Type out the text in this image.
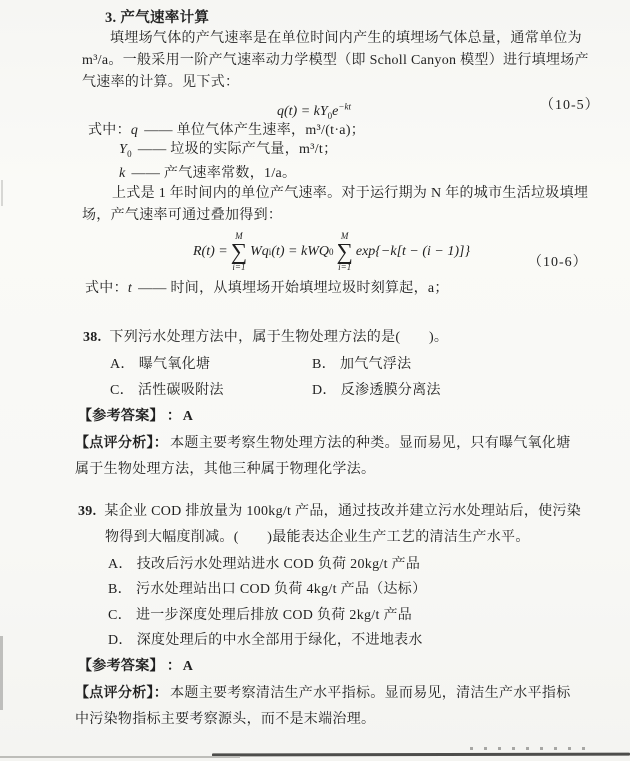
3. 产气速率计算
填埋场气体的产气速率是在单位时间内产生的填埋场气体总量，通常单位为
m³/a。一般采用一阶产气速率动力学模型（即 Scholl Canyon 模型）进行填埋场产
气速率的计算。见下式：
$q(t) = kY_0e^{-kt}$	（10-5）
式中：q —— 单位气体产生速率，m³/(t·a)；
$Y_0$ —— 垃圾的实际产气量，m³/t；
k —— 产气速率常数，1/a。
上式是 1 年时间内的单位产气速率。对于运行期为 N 年的城市生活垃圾填埋
场，产气速率可通过叠加得到：
R(t) =
M
∑
i=1
Wq i (t) = kWQ 0
M
∑
i=1
exp{−k[t − (i − 1)]}
（10-6）
式中：t —— 时间，从填埋场开始填埋垃圾时刻算起，a；
38. 下列污水处理方法中，属于生物处理方法的是(　　)。
A． 曝气氧化塘	B． 加气气浮法
C． 活性碳吸附法	D． 反渗透膜分离法
【参考答案】 ：A
【点评分析】： 本题主要考察生物处理方法的种类。显而易见，只有曝气氧化塘
属于生物处理方法，其他三种属于物理化学法。
39. 某企业 COD 排放量为 100kg/t 产品，通过技改并建立污水处理站后，使污染
物得到大幅度削减。(　　)最能表达企业生产工艺的清洁生产水平。
A． 技改后污水处理站进水 COD 负荷 20kg/t 产品
B． 污水处理站出口 COD 负荷 4kg/t 产品（达标）
C． 进一步深度处理后排放 COD 负荷 2kg/t 产品
D． 深度处理后的中水全部用于绿化，不进地表水
【参考答案】 ：A
【点评分析】： 本题主要考察清洁生产水平指标。显而易见，清洁生产水平指标
中污染物指标主要考察源头，而不是末端治理。
